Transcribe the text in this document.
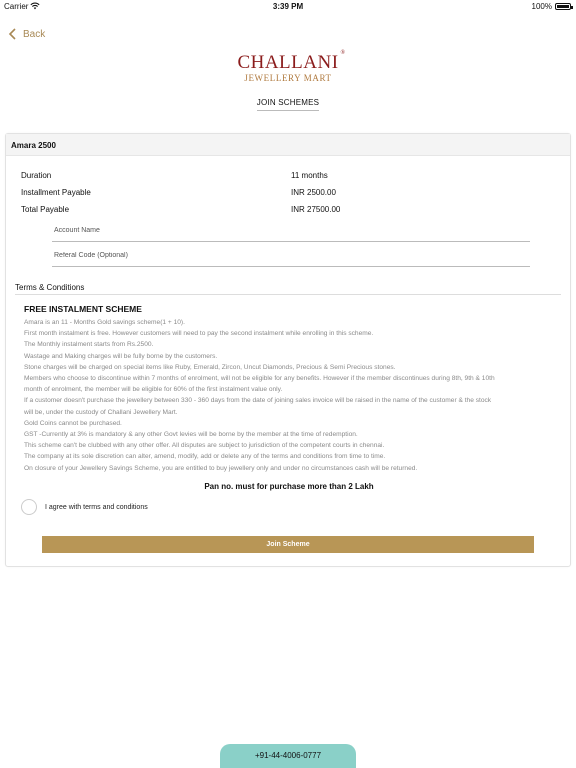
Carrier	3:39 PM	100%
Back
CHALLANI ®
JEWELLERY MART
JOIN SCHEMES
Amara 2500
Duration	11 months
Installment Payable	INR 2500.00
Total Payable	INR 27500.00
Account Name
Referal Code (Optional)
Terms & Conditions
FREE INSTALMENT SCHEME
Amara is an 11 - Months Gold savings scheme(1 + 10).
First month instalment is free. However customers will need to pay the second instalment while enrolling in this scheme.
The Monthly instalment starts from Rs.2500.
Wastage and Making charges will be fully borne by the customers.
Stone charges will be charged on special items like Ruby, Emerald, Zircon, Uncut Diamonds, Precious & Semi Precious stones.
Members who choose to discontinue within 7 months of enrolment, will not be eligible for any benefits. However if the member discontinues during 8th, 9th & 10th
month of enrolment, the member will be eligible for 60% of the first instalment value only.
If a customer doesn't purchase the jewellery between 330 - 360 days from the date of joining sales invoice will be raised in the name of the customer & the stock
will be, under the custody of Challani Jewellery Mart.
Gold Coins cannot be purchased.
GST -Currently at 3% is mandatory & any other Govt levies will be borne by the member at the time of redemption.
This scheme can't be clubbed with any other offer. All disputes are subject to jurisdiction of the competent courts in chennai.
The company at its sole discretion can alter, amend, modify, add or delete any of the terms and conditions from time to time.
On closure of your Jewellery Savings Scheme, you are entitled to buy jewellery only and under no circumstances cash will be returned.
Pan no. must for purchase more than 2 Lakh
I agree with terms and conditions
Join Scheme
+91-44-4006-0777
